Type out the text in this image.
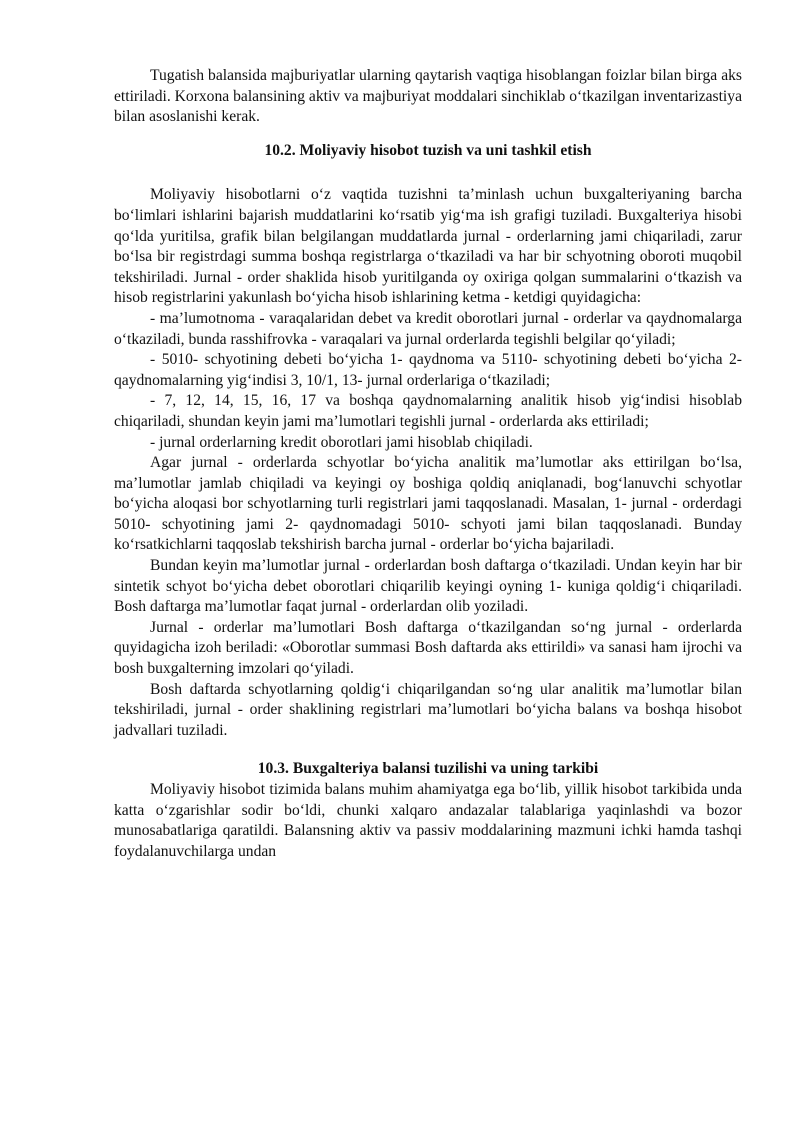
Tugatish balansida majburiyatlar ularning qaytarish vaqtiga hisoblangan foizlar bilan birga aks ettiriladi. Korxona balansining aktiv va majburiyat moddalari sinchiklab o‘tkazilgan inventarizastiya bilan asoslanishi kerak.

10.2. Moliyaviy hisobot tuzish va uni tashkil etish

Moliyaviy hisobotlarni o‘z vaqtida tuzishni ta’minlash uchun buxgalteriyaning barcha bo‘limlari ishlarini bajarish muddatlarini ko‘rsatib yig‘ma ish grafigi tuziladi. Buxgalteriya hisobi qo‘lda yuritilsa, grafik bilan belgilangan muddatlarda jurnal - orderlarning jami chiqariladi, zarur bo‘lsa bir registrdagi summa boshqa registrlarga o‘tkaziladi va har bir schyotning oboroti muqobil tekshiriladi. Jurnal - order shaklida hisob yuritilganda oy oxiriga qolgan summalarini o‘tkazish va hisob registrlarini yakunlash bo‘yicha hisob ishlarining ketma - ketdigi quyidagicha:

- ma’lumotnoma - varaqalaridan debet va kredit oborotlari jurnal - orderlar va qaydnomalarga o‘tkaziladi, bunda rasshifrovka - varaqalari va jurnal orderlarda tegishli belgilar qo‘yiladi;

- 5010- schyotining debeti bo‘yicha 1- qaydnoma va 5110- schyotining debeti bo‘yicha 2- qaydnomalarning yig‘indisi 3, 10/1, 13- jurnal orderlariga o‘tkaziladi;

- 7, 12, 14, 15, 16, 17 va boshqa qaydnomalarning analitik hisob yig‘indisi hisoblab chiqariladi, shundan keyin jami ma’lumotlari tegishli jurnal - orderlarda aks ettiriladi;

- jurnal orderlarning kredit oborotlari jami hisoblab chiqiladi.

Agar jurnal - orderlarda schyotlar bo‘yicha analitik ma’lumotlar aks ettirilgan bo‘lsa, ma’lumotlar jamlab chiqiladi va keyingi oy boshiga qoldiq aniqlanadi, bog‘lanuvchi schyotlar bo‘yicha aloqasi bor schyotlarning turli registrlari jami taqqoslanadi. Masalan, 1- jurnal - orderdagi 5010- schyotining jami 2- qaydnomadagi 5010- schyoti jami bilan taqqoslanadi. Bunday ko‘rsatkichlarni taqqoslab tekshirish barcha jurnal - orderlar bo‘yicha bajariladi.

Bundan keyin ma’lumotlar jurnal - orderlardan bosh daftarga o‘tkaziladi. Undan keyin har bir sintetik schyot bo‘yicha debet oborotlari chiqarilib keyingi oyning 1- kuniga qoldig‘i chiqariladi. Bosh daftarga ma’lumotlar faqat jurnal - orderlardan olib yoziladi.

Jurnal - orderlar ma’lumotlari Bosh daftarga o‘tkazilgandan so‘ng jurnal - orderlarda quyidagicha izoh beriladi: «Oborotlar summasi Bosh daftarda aks ettirildi» va sanasi ham ijrochi va bosh buxgalterning imzolari qo‘yiladi.

Bosh daftarda schyotlarning qoldig‘i chiqarilgandan so‘ng ular analitik ma’lumotlar bilan tekshiriladi, jurnal - order shaklining registrlari ma’lumotlari bo‘yicha balans va boshqa hisobot jadvallari tuziladi.

10.3. Buxgalteriya balansi tuzilishi va uning tarkibi

Moliyaviy hisobot tizimida balans muhim ahamiyatga ega bo‘lib, yillik hisobot tarkibida unda katta o‘zgarishlar sodir bo‘ldi, chunki xalqaro andazalar talablariga yaqinlashdi va bozor munosabatlariga qaratildi. Balansning aktiv va passiv moddalarining mazmuni ichki hamda tashqi foydalanuvchilarga undan
